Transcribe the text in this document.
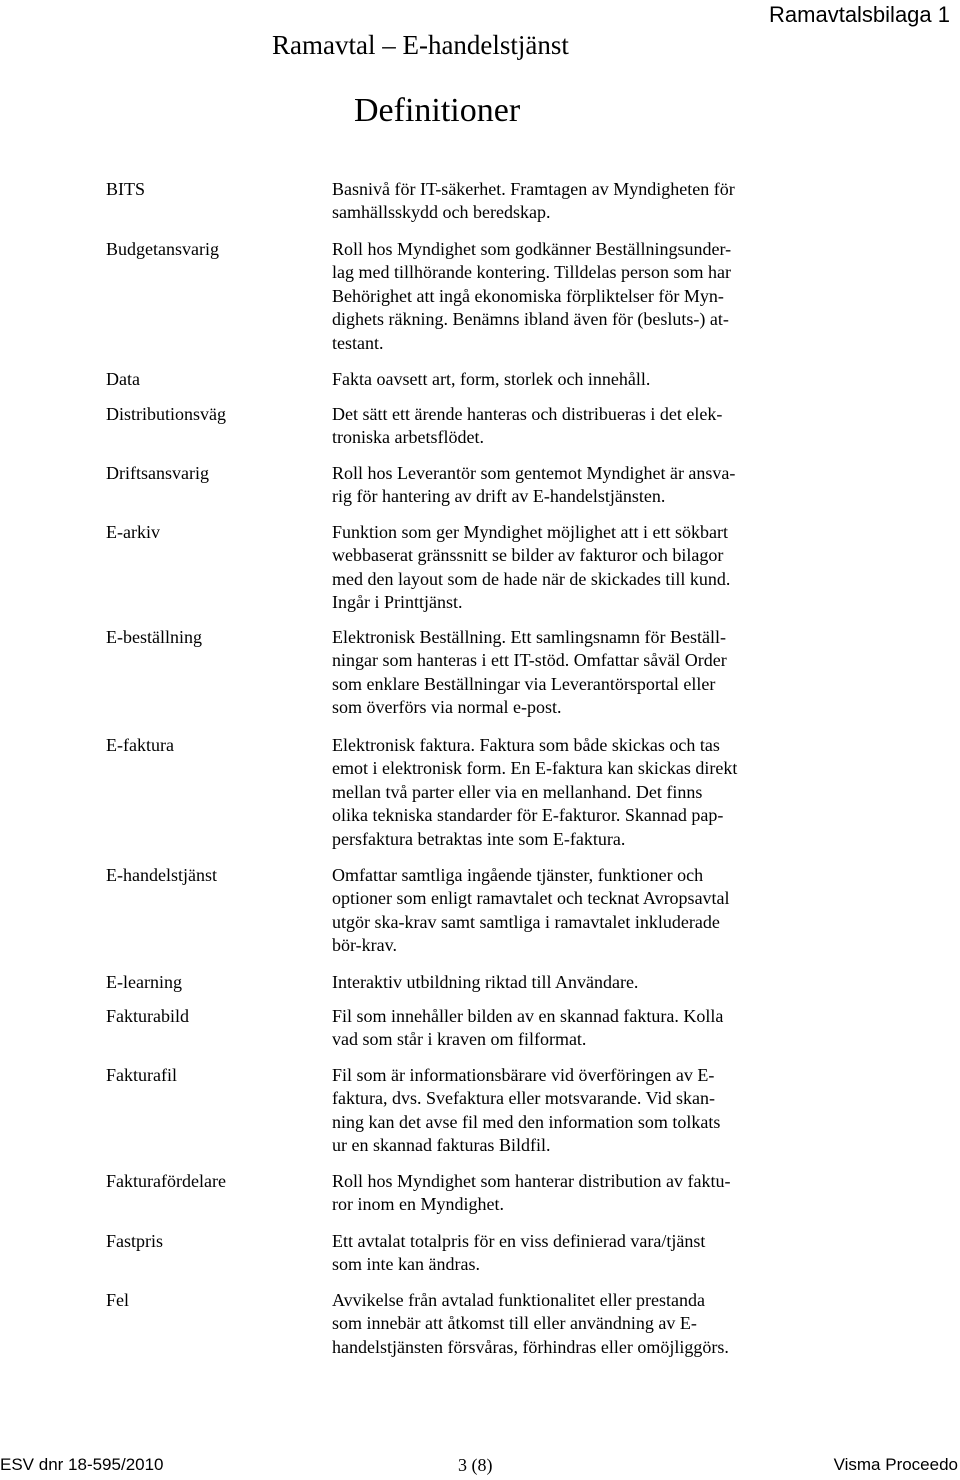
Ramavtalsbilaga 1
Ramavtal – E-handelstjänst
Definitioner
BITS	Basnivå för IT-säkerhet. Framtagen av Myndigheten för
samhällsskydd och beredskap.
Budgetansvarig	Roll hos Myndighet som godkänner Beställningsunder-
lag med tillhörande kontering. Tilldelas person som har
Behörighet att ingå ekonomiska förpliktelser för Myn-
dighets räkning. Benämns ibland även för (besluts-) at-
testant.
Data	Fakta oavsett art, form, storlek och innehåll.
Distributionsväg	Det sätt ett ärende hanteras och distribueras i det elek-
troniska arbetsflödet.
Driftsansvarig	Roll hos Leverantör som gentemot Myndighet är ansva-
rig för hantering av drift av E-handelstjänsten.
E-arkiv	Funktion som ger Myndighet möjlighet att i ett sökbart
webbaserat gränssnitt se bilder av fakturor och bilagor
med den layout som de hade när de skickades till kund.
Ingår i Printtjänst.
E-beställning	Elektronisk Beställning. Ett samlingsnamn för Beställ-
ningar som hanteras i ett IT-stöd. Omfattar såväl Order
som enklare Beställningar via Leverantörsportal eller
som överförs via normal e-post.
E-faktura	Elektronisk faktura. Faktura som både skickas och tas
emot i elektronisk form. En E-faktura kan skickas direkt
mellan två parter eller via en mellanhand. Det finns
olika tekniska standarder för E-fakturor. Skannad pap-
persfaktura betraktas inte som E-faktura.
E-handelstjänst	Omfattar samtliga ingående tjänster, funktioner och
optioner som enligt ramavtalet och tecknat Avropsavtal
utgör ska-krav samt samtliga i ramavtalet inkluderade
bör-krav.
E-learning	Interaktiv utbildning riktad till Användare.
Fakturabild	Fil som innehåller bilden av en skannad faktura. Kolla
vad som står i kraven om filformat.
Fakturafil	Fil som är informationsbärare vid överföringen av E-
faktura, dvs. Svefaktura eller motsvarande. Vid skan-
ning kan det avse fil med den information som tolkats
ur en skannad fakturas Bildfil.
Fakturafördelare	Roll hos Myndighet som hanterar distribution av faktu-
ror inom en Myndighet.
Fastpris	Ett avtalat totalpris för en viss definierad vara/tjänst
som inte kan ändras.
Fel	Avvikelse från avtalad funktionalitet eller prestanda
som innebär att åtkomst till eller användning av E-
handelstjänsten försvåras, förhindras eller omöjliggörs.
ESV dnr 18-595/2010	3 (8)	Visma Proceedo
